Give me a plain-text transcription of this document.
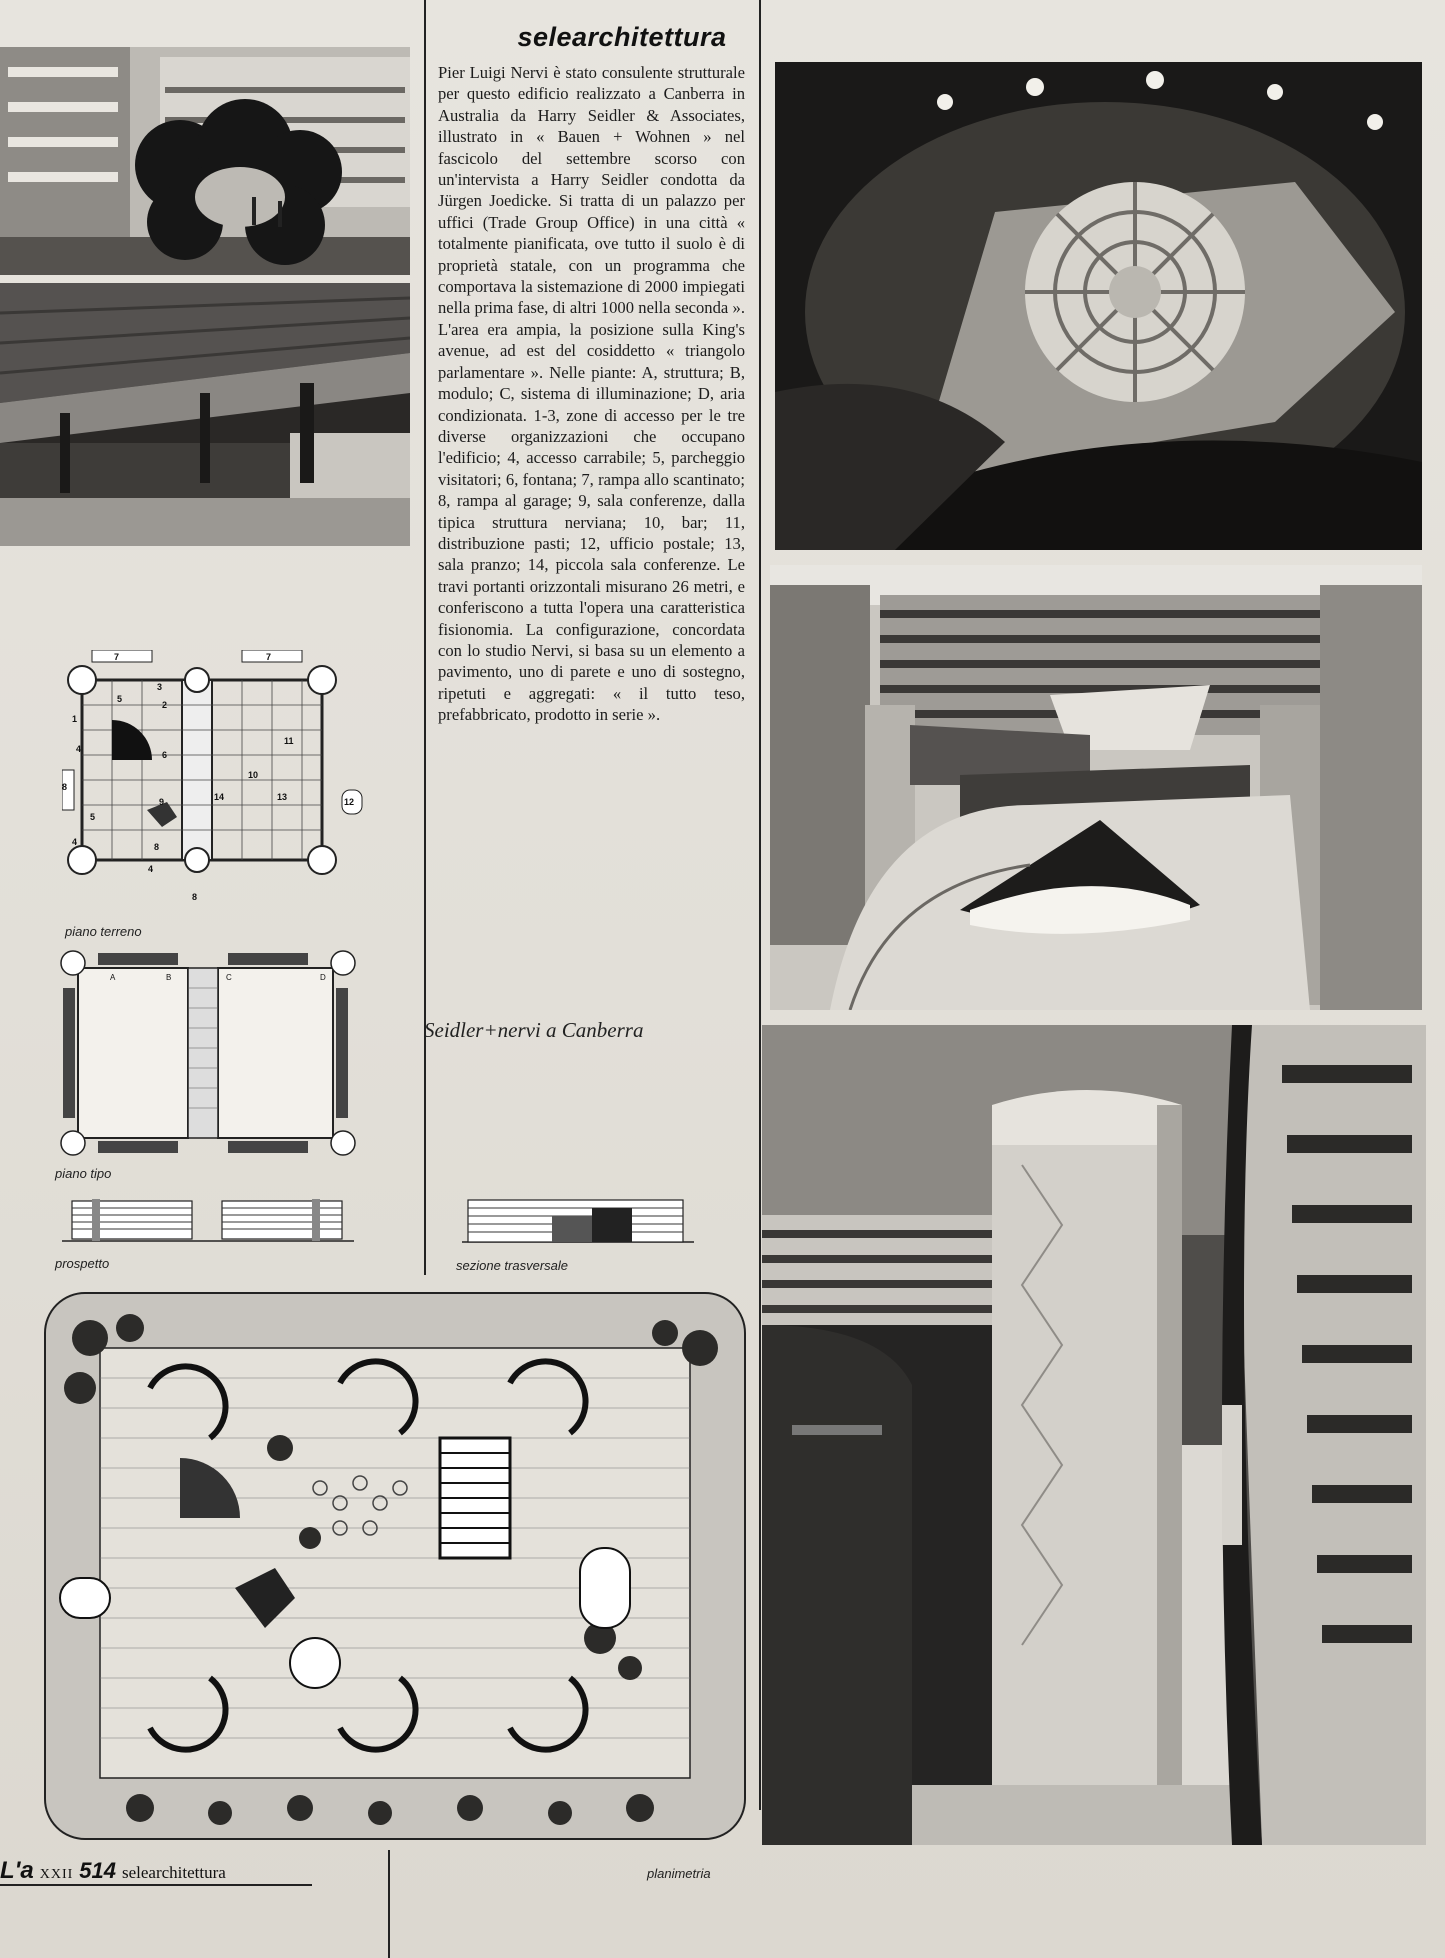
selearchitettura
Pier Luigi Nervi è stato consulente strutturale per questo edificio realizzato a Canberra in Australia da Harry Seidler & Associates, illustrato in « Bauen + Wohnen » nel fascicolo del settembre scorso con un'intervista a Harry Seidler condotta da Jürgen Joedicke. Si tratta di un palazzo per uffici (Trade Group Office) in una città « totalmente pianificata, ove tutto il suolo è di proprietà statale, con un programma che comportava la sistemazione di 2000 impiegati nella prima fase, di altri 1000 nella seconda ». L'area era ampia, la posizione sulla King's avenue, ad est del cosiddetto « triangolo parlamentare ». Nelle piante: A, struttura; B, modulo; C, sistema di illuminazione; D, aria condizionata. 1-3, zone di accesso per le tre diverse organizzazioni che occupano l'edificio; 4, accesso carrabile; 5, parcheggio visitatori; 6, fontana; 7, rampa allo scantinato; 8, rampa al garage; 9, sala conferenze, dalla tipica struttura nerviana; 10, bar; 11, distribuzione pasti; 12, ufficio postale; 13, sala pranzo; 14, piccola sala conferenze. Le travi portanti orizzontali misurano 26 metri, e conferiscono a tutta l'opera una caratteristica fisionomia. La configurazione, concordata con lo studio Nervi, si basa su un elemento a pavimento, uno di parete e uno di sostegno, ripetuti e aggregati: « il tutto teso, prefabbricato, prodotto in serie ».
Seidler+nervi a Canberra
7	7
5
3
2
1
4
6
11
10
13	12
14
9
8
8
5
4
4
8
piano terreno
A	B	C	D
piano tipo
prospetto	sezione trasversale
planimetria
L'a XXII 514 selearchitettura
